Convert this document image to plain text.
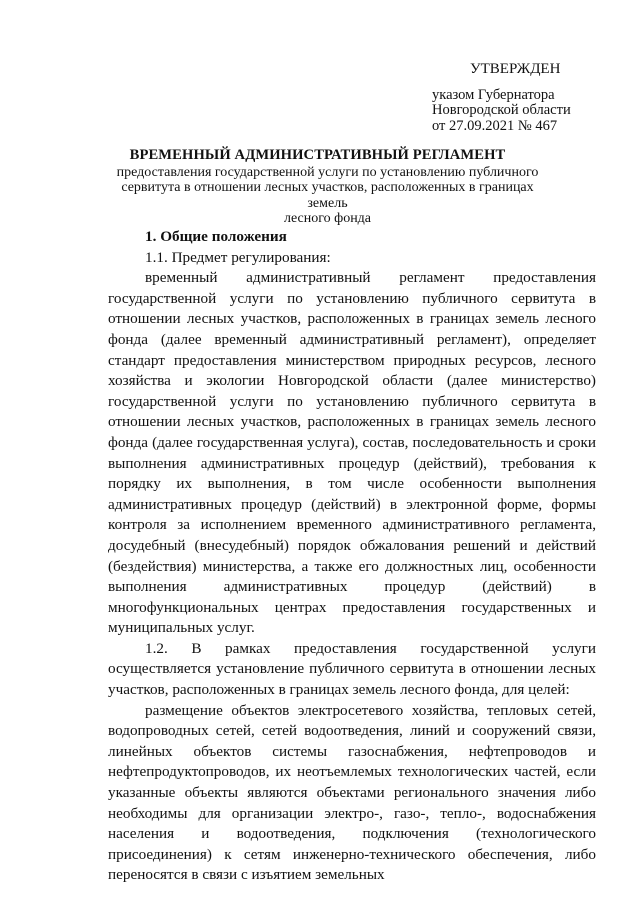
УТВЕРЖДЕН
указом Губернатора
Новгородской области
от 27.09.2021 № 467
ВРЕМЕННЫЙ АДМИНИСТРАТИВНЫЙ РЕГЛАМЕНТ
предоставления государственной услуги по установлению публичного
сервитута в отношении лесных участков, расположенных в границах земель
лесного фонда

1. Общие положения

1.1. Предмет регулирования:

временный административный регламент предоставления государственной услуги по установлению публичного сервитута в отношении лесных участков, расположенных в границах земель лесного фонда (далее временный административный регламент), определяет стандарт предоставления министерством природных ресурсов, лесного хозяйства и экологии Новгородской области (далее министерство) государственной услуги по установлению публичного сервитута в отношении лесных участков, расположенных в границах земель лесного фонда (далее государственная услуга), состав, последовательность и сроки выполнения административных процедур (действий), требования к порядку их выполнения, в том числе особенности выполнения административных процедур (действий) в электронной форме, формы контроля за исполнением временного административного регламента, досудебный (внесудебный) порядок обжалования решений и действий (бездействия) министерства, а также его должностных лиц, особенности выполнения административных процедур (действий) в многофункциональных центрах предоставления государственных и муниципальных услуг.

1.2. В рамках предоставления государственной услуги осуществляется установление публичного сервитута в отношении лесных участков, расположенных в границах земель лесного фонда, для целей:

размещение объектов электросетевого хозяйства, тепловых сетей, водопроводных сетей, сетей водоотведения, линий и сооружений связи, линейных объектов системы газоснабжения, нефтепроводов и нефтепродуктопроводов, их неотъемлемых технологических частей, если указанные объекты являются объектами регионального значения либо необходимы для организации электро-, газо-, тепло-, водоснабжения населения и водоотведения, подключения (технологического присоединения) к сетям инженерно-технического обеспечения, либо переносятся в связи с изъятием земельных
